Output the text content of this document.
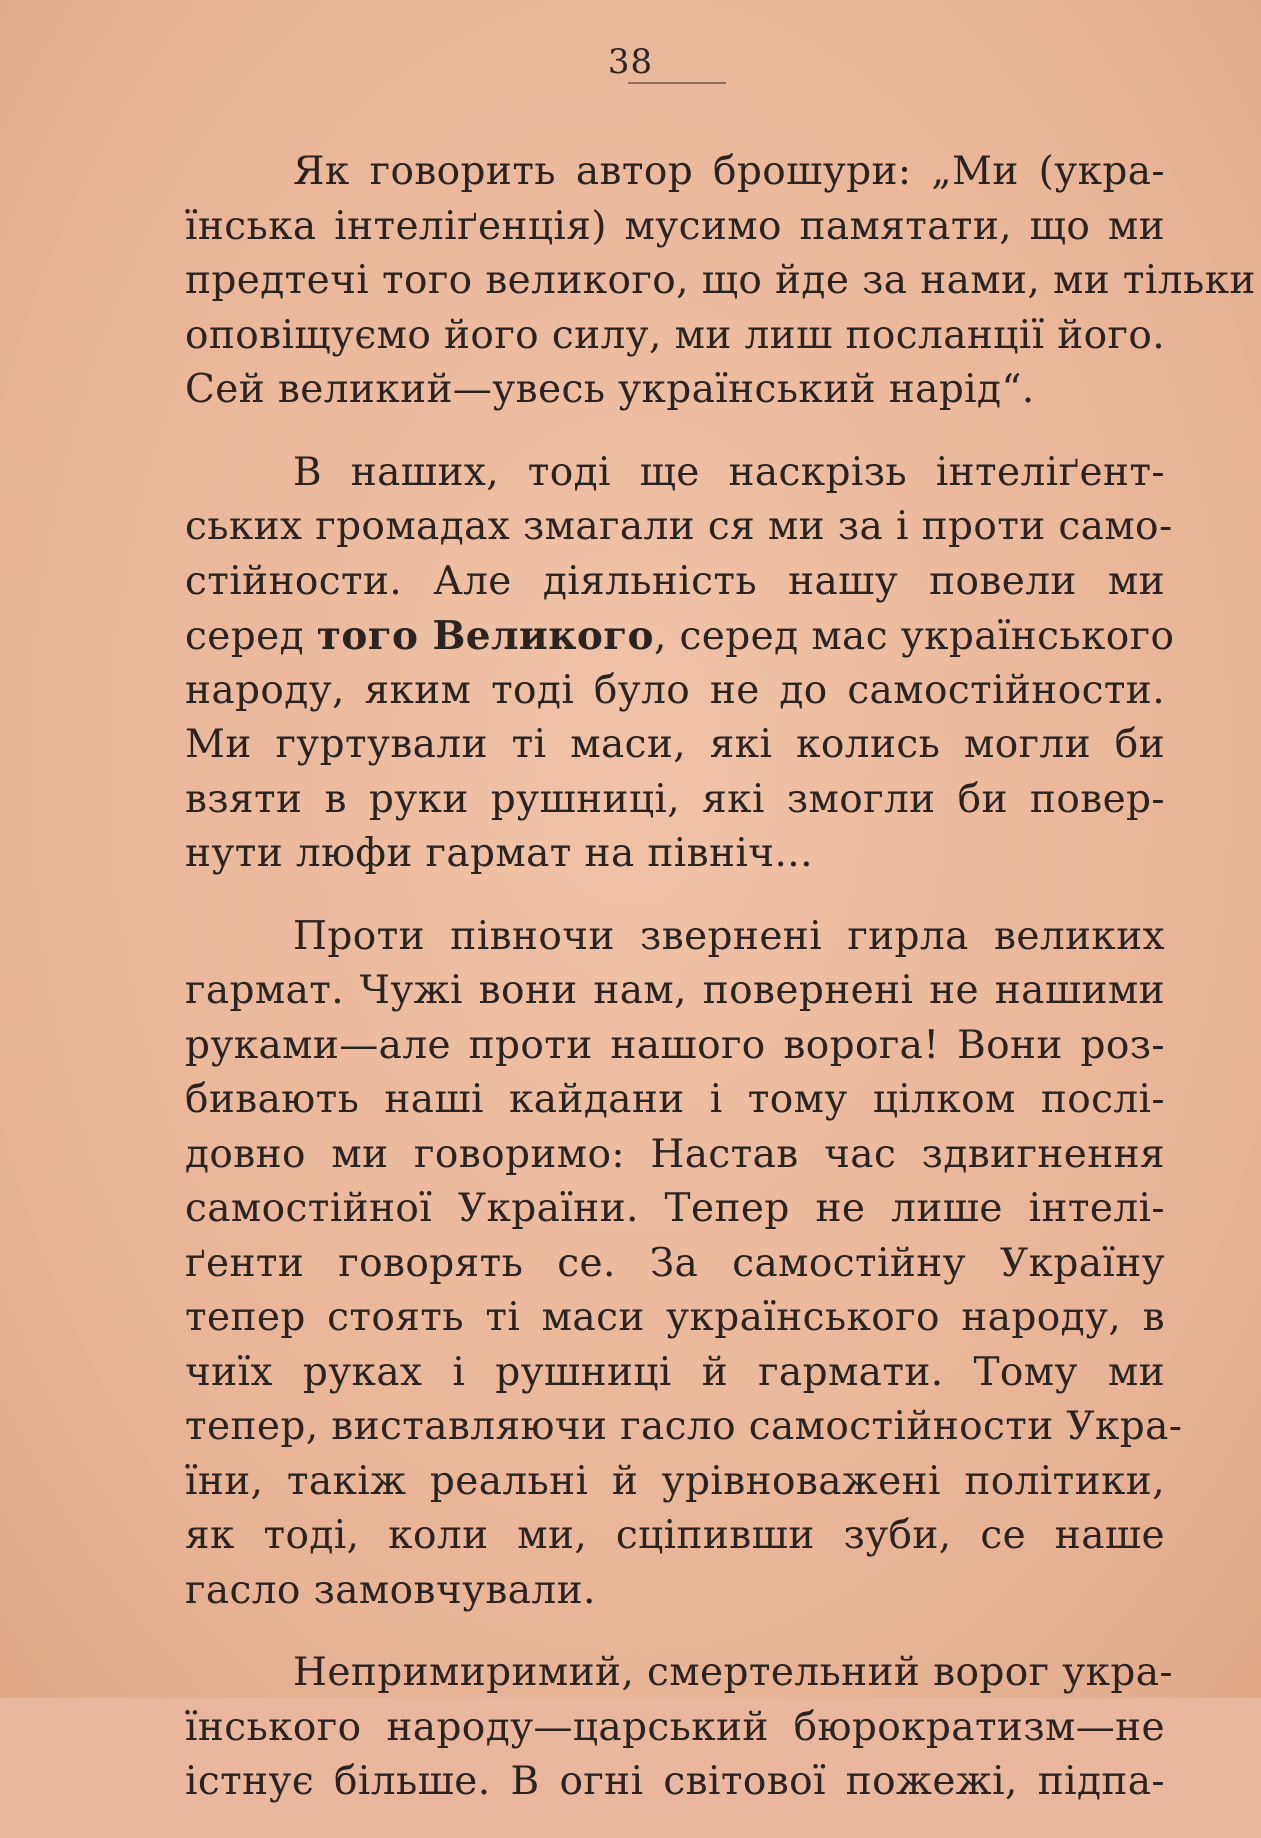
38

Як говорить автор брошури: „Ми (укра-
їнська інтеліґенція) мусимо памятати, що ми
предтечі того великого, що йде за нами, ми тільки
оповіщуємо його силу, ми лиш посланції його.
Сей великий—увесь український нарід“.

В наших, тоді ще наскрізь інтеліґент-
ських громадах змагали ся ми за і проти само-
стійности. Але діяльність нашу повели ми
серед того Великого, серед мас українського
народу, яким тоді було не до самостійности.
Ми гуртували ті маси, які колись могли би
взяти в руки рушниці, які змогли би повер-
нути люфи гармат на північ...

Проти півночи звернені гирла великих
гармат. Чужі вони нам, повернені не нашими
руками—але проти нашого ворога! Вони роз-
бивають наші кайдани і тому цілком послі-
довно ми говоримо: Настав час здвигнення
самостійної України. Тепер не лише інтелі-
ґенти говорять се. За самостійну Україну
тепер стоять ті маси українського народу, в
чиїх руках і рушниці й гармати. Тому ми
тепер, виставляючи гасло самостійности Укра-
їни, такіж реальні й урівноважені політики,
як тоді, коли ми, сціпивши зуби, се наше
гасло замовчували.

Непримиримий, смертельний ворог укра-
їнського народу—царський бюрократизм—не
істнує більше. В огні світової пожежі, підпа-
